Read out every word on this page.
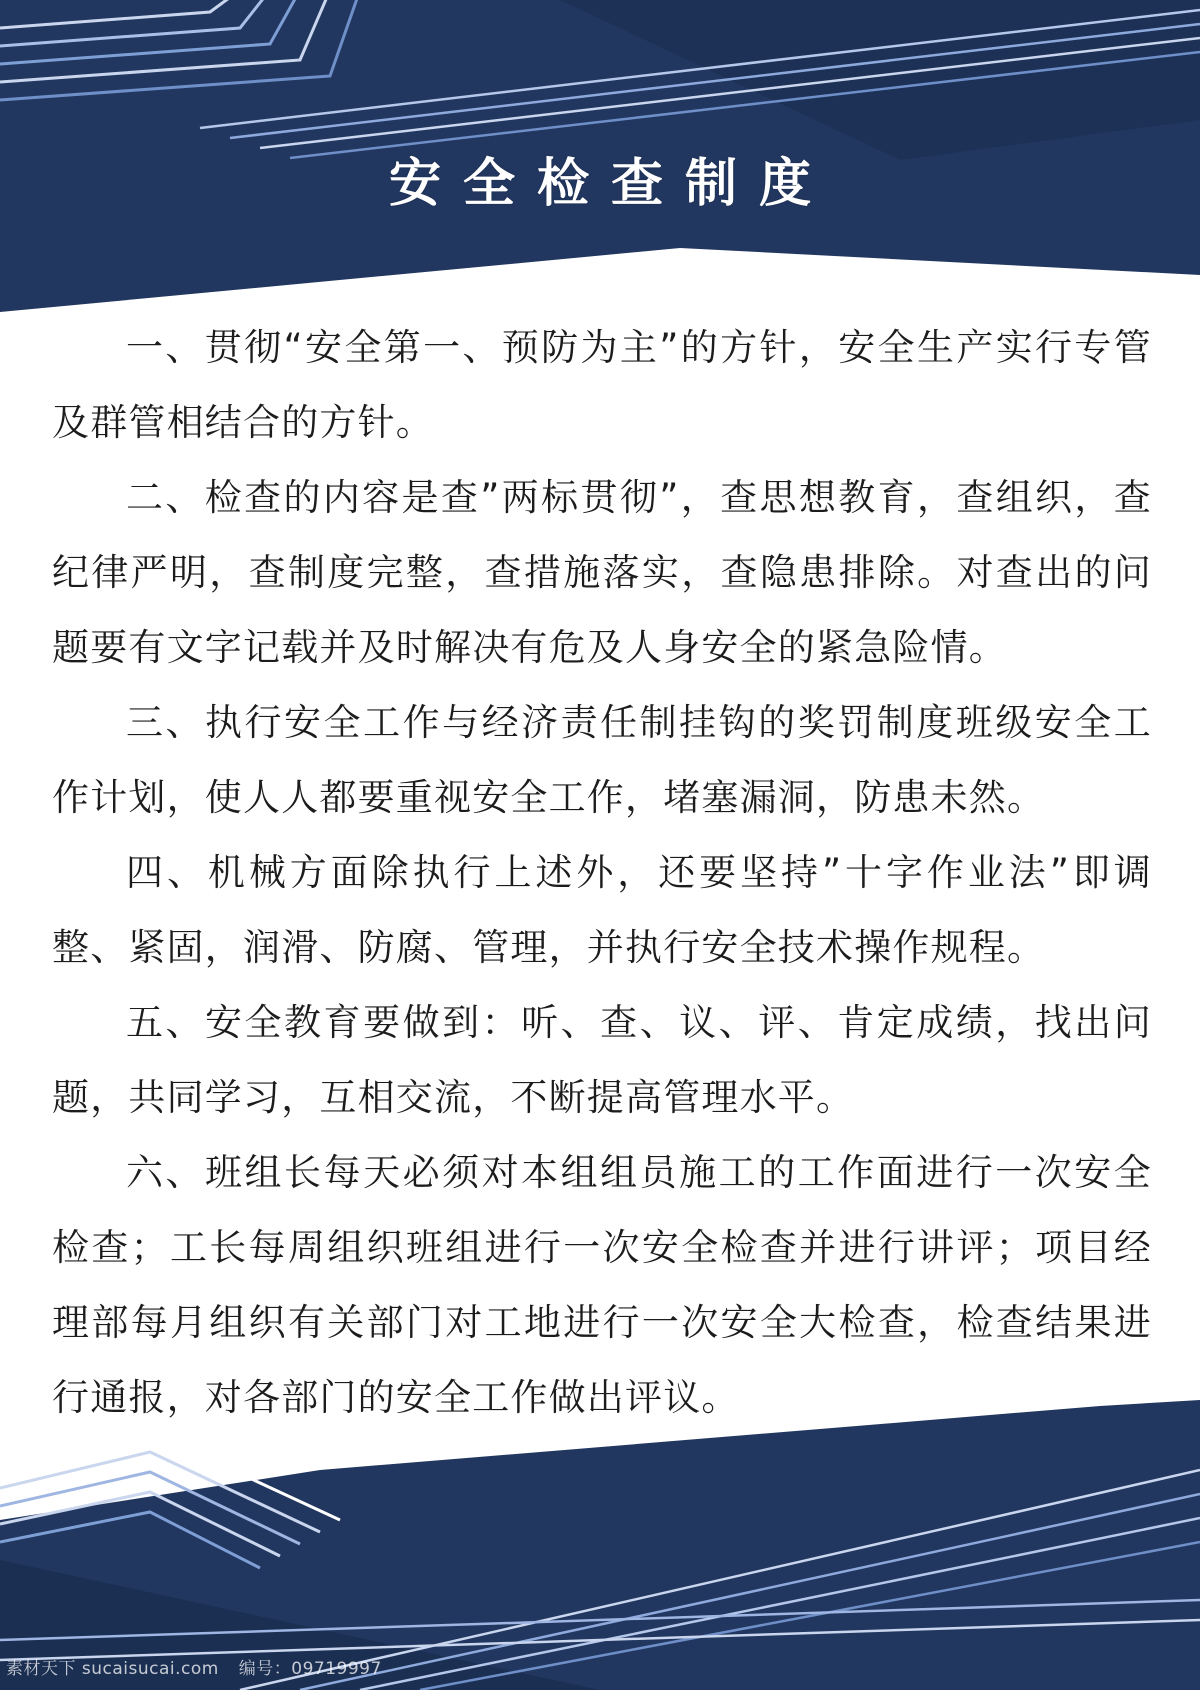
安全检查制度

一、贯彻“安全第一、预防为主”的方针，安全生产实行专管及群管相结合的方针。

二、检查的内容是查”两标贯彻”，查思想教育，查组织，查纪律严明，查制度完整，查措施落实，查隐患排除。对查出的问题要有文字记载并及时解决有危及人身安全的紧急险情。

三、执行安全工作与经济责任制挂钩的奖罚制度班级安全工作计划，使人人都要重视安全工作，堵塞漏洞，防患未然。

四、机械方面除执行上述外，还要坚持”十字作业法”即调整、紧固，润滑、防腐、管理，并执行安全技术操作规程。

五、安全教育要做到：听、查、议、评、肯定成绩，找出问题，共同学习，互相交流，不断提高管理水平。

六、班组长每天必须对本组组员施工的工作面进行一次安全检查；工长每周组织班组进行一次安全检查并进行讲评；项目经理部每月组织有关部门对工地进行一次安全大检查，检查结果进行通报，对各部门的安全工作做出评议。

素材天下 sucaisucai.com 编号：09719997
